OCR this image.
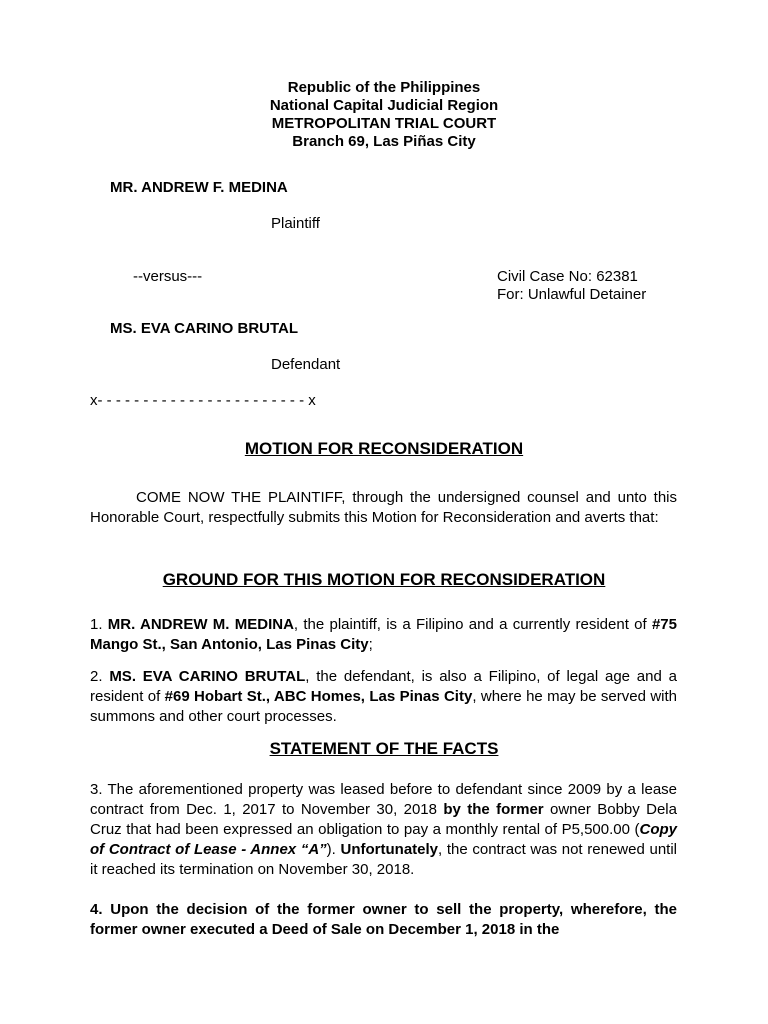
Republic of the Philippines
National Capital Judicial Region
METROPOLITAN TRIAL COURT
Branch 69, Las Piñas City
MR. ANDREW F. MEDINA
Plaintiff
--versus---	Civil Case No: 62381
For: Unlawful Detainer
MS. EVA CARINO BRUTAL
Defendant
x- - - - - - - - - - - - - - - - - - - - - - - x
MOTION FOR RECONSIDERATION
COME NOW THE PLAINTIFF, through the undersigned counsel and unto this Honorable Court, respectfully submits this Motion for Reconsideration and averts that:
GROUND FOR THIS MOTION FOR RECONSIDERATION
1. MR. ANDREW M. MEDINA, the plaintiff, is a Filipino and a currently resident of #75 Mango St., San Antonio, Las Pinas City;
2. MS. EVA CARINO BRUTAL, the defendant, is also a Filipino, of legal age and a resident of #69 Hobart St., ABC Homes, Las Pinas City, where he may be served with summons and other court processes.
STATEMENT OF THE FACTS
3. The aforementioned property was leased before to defendant since 2009 by a lease contract from Dec. 1, 2017 to November 30, 2018 by the former owner Bobby Dela Cruz that had been expressed an obligation to pay a monthly rental of P5,500.00 (Copy of Contract of Lease - Annex “A”). Unfortunately, the contract was not renewed until it reached its termination on November 30, 2018.
4. Upon the decision of the former owner to sell the property, wherefore, the former owner executed a Deed of Sale on December 1, 2018 in the
